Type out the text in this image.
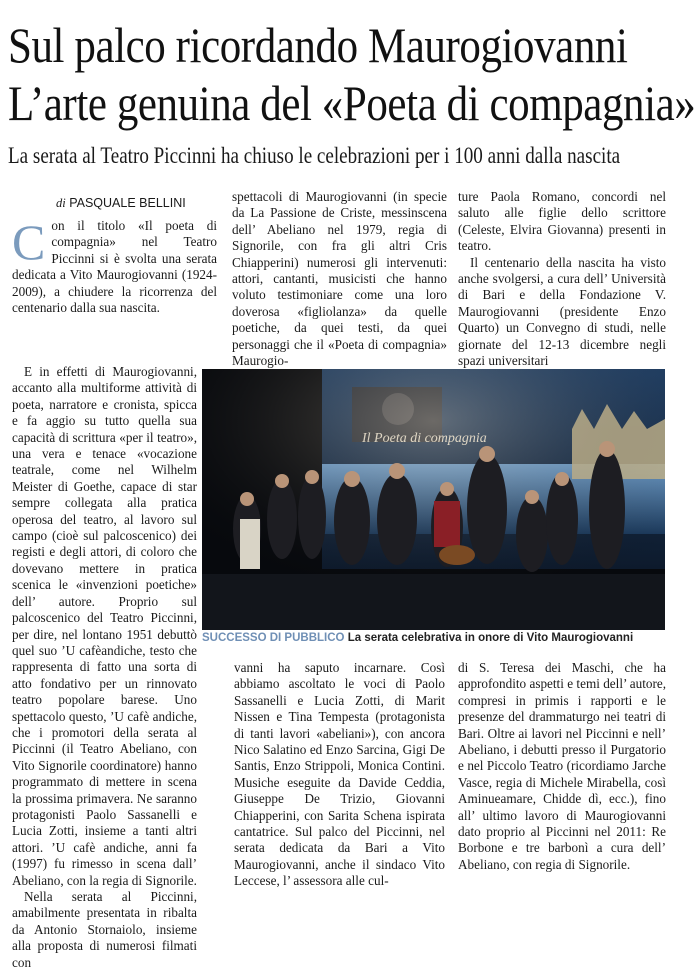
Sul palco ricordando Maurogiovanni
L’arte genuina del «Poeta di compagnia»
La serata al Teatro Piccinni ha chiuso le celebrazioni per i 100 anni dalla nascita
di PASQUALE BELLINI
C on il titolo «Il poeta di compagnia» nel Teatro Piccinni si è svolta una serata dedicata a Vito Maurogiovanni (1924-2009), a chiudere la ricorrenza del centenario dalla sua nascita.

E in effetti di Maurogiovanni, accanto alla multiforme attività di poeta, narratore e cronista, spicca e fa aggio su tutto quella sua capacità di scrittura «per il teatro», una vera e tenace «vocazione teatrale, come nel Wilhelm Meister di Goethe, capace di star sempre collegata alla pratica operosa del teatro, al lavoro sul campo (cioè sul palcoscenico) dei registi e degli attori, di coloro che dovevano mettere in pratica scenica le «invenzioni poetiche» dell’ autore. Proprio sul palcoscenico del Teatro Piccinni, per dire, nel lontano 1951 debuttò quel suo ’U cafèandiche, testo che rappresenta di fatto una sorta di atto fondativo per un rinnovato teatro popolare barese. Uno spettacolo questo, ’U cafè andiche, che i promotori della serata al Piccinni (il Teatro Abeliano, con Vito Signorile coordinatore) hanno programmato di mettere in scena la prossima primavera. Ne saranno protagonisti Paolo Sassanelli e Lucia Zotti, insieme a tanti altri attori. ’U cafè andiche, anni fa (1997) fu rimesso in scena dall’ Abeliano, con la regia di Signorile.

Nella serata al Piccinni, amabilmente presentata in ribalta da Antonio Stornaiolo, insieme alla proposta di numerosi filmati con

spettacoli di Maurogiovanni (in specie da La Passione de Criste, messinscena dell’ Abeliano nel 1979, regia di Signorile, con fra gli altri Cris Chiapperini) numerosi gli intervenuti: attori, cantanti, musicisti che hanno voluto testimoniare come una loro doverosa «figliolanza» da quelle poetiche, da quei testi, da quei personaggi che il «Poeta di compagnia» Maurogio-

ture Paola Romano, concordi nel saluto alle figlie dello scrittore (Celeste, Elvira Giovanna) presenti in teatro.

Il centenario della nascita ha visto anche svolgersi, a cura dell’ Università di Bari e della Fondazione V. Maurogiovanni (presidente Enzo Quarto) un Convegno di studi, nelle giornate del 12-13 dicembre negli spazi universitari

SUCCESSO DI PUBBLICO La serata celebrativa in onore di Vito Maurogiovanni

vanni ha saputo incarnare. Così abbiamo ascoltato le voci di Paolo Sassanelli e Lucia Zotti, di Marit Nissen e Tina Tempesta (protagonista di tanti lavori «abeliani»), con ancora Nico Salatino ed Enzo Sarcina, Gigi De Santis, Enzo Strippoli, Monica Contini. Musiche eseguite da Davide Ceddia, Giuseppe De Trizio, Giovanni Chiapperini, con Sarita Schena ispirata cantatrice. Sul palco del Piccinni, nel serata dedicata da Bari a Vito Maurogiovanni, anche il sindaco Vito Leccese, l’ assessora alle cul-

di S. Teresa dei Maschi, che ha approfondito aspetti e temi dell’ autore, compresi in primis i rapporti e le presenze del drammaturgo nei teatri di Bari. Oltre ai lavori nel Piccinni e nell’ Abeliano, i debutti presso il Purgatorio e nel Piccolo Teatro (ricordiamo Jarche Vasce, regia di Michele Mirabella, così Aminueamare, Chidde dì, ecc.), fino all’ ultimo lavoro di Maurogiovanni dato proprio al Piccinni nel 2011: Re Borbone e tre barbonì a cura dell’ Abeliano, con regia di Signorile.
